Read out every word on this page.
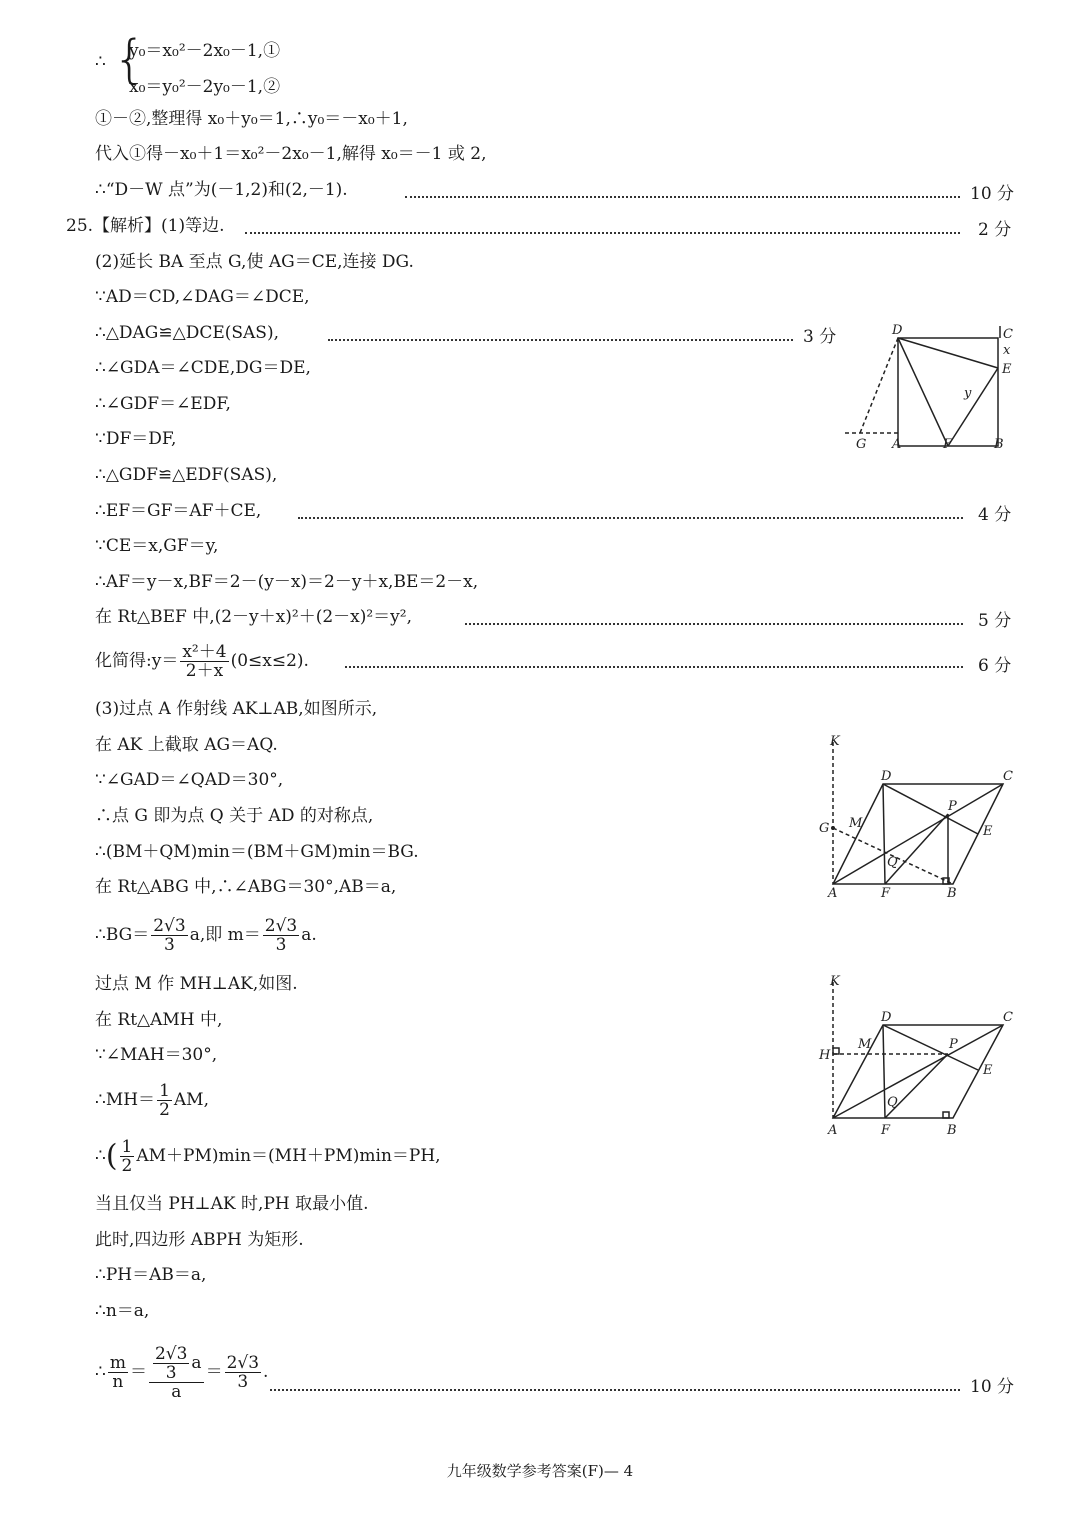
∴ {
y₀＝x₀²－2x₀－1,①
x₀＝y₀²－2y₀－1,②
①－②,整理得 x₀＋y₀＝1,∴y₀＝－x₀＋1,
代入①得－x₀＋1＝x₀²－2x₀－1,解得 x₀＝－1 或 2,
∴“D－W 点”为(－1,2)和(2,－1).	10 分
25.【解析】(1)等边.	2 分
(2)延长 BA 至点 G,使 AG＝CE,连接 DG.
∵AD＝CD,∠DAG＝∠DCE,
∴△DAG≌△DCE(SAS),	3 分
∴∠GDA＝∠CDE,DG＝DE,
∴∠GDF＝∠EDF,
∵DF＝DF,
∴△GDF≌△EDF(SAS),
∴EF＝GF＝AF＋CE,	4 分
∵CE＝x,GF＝y,
∴AF＝y－x,BF＝2－(y－x)＝2－y＋x,BE＝2－x,
在 Rt△BEF 中,(2－y＋x)²＋(2－x)²＝y²,	5 分
化简得:y＝ $\frac{\text{x²＋4}}{2+x} (0\le x\le 2)$.	6 分
(3)过点 A 作射线 AK⊥AB,如图所示,
在 AK 上截取 AG＝AQ.
∵∠GAD＝∠QAD＝30°,
∴点 G 即为点 Q 关于 AD 的对称点,
∴(BM＋QM)min＝(BM＋GM)min＝BG.
在 Rt△ABG 中,∴∠ABG＝30°,AB＝a,
∴BG＝ $\frac{2√3}{3} a$,即 $m= \frac{2√3}{3} a$.
过点 M 作 MH⊥AK,如图.
在 Rt△AMH 中,
∵∠MAH＝30°,
∴MH＝ $\frac{1}{2}$ AM,
∴( $\frac{1}{2} AM+PM)\min=(MH+PM)\min=PH$,
当且仅当 PH⊥AK 时,PH 取最小值.
此时,四边形 ABPH 为矩形.
∴PH＝AB＝a,
∴n＝a,
∴ $\frac{m}{n} = \frac{\frac{2√3}{3} a}{a} = \frac{2√3}{3}$ .
10 分
D	C
x
E
y
G A	F	B
K
D	C
P
G M
E
Q
A	F	B
K
D	C
H
M	P
E
Q
A	F	B
九年级数学参考答案(F)— 4
